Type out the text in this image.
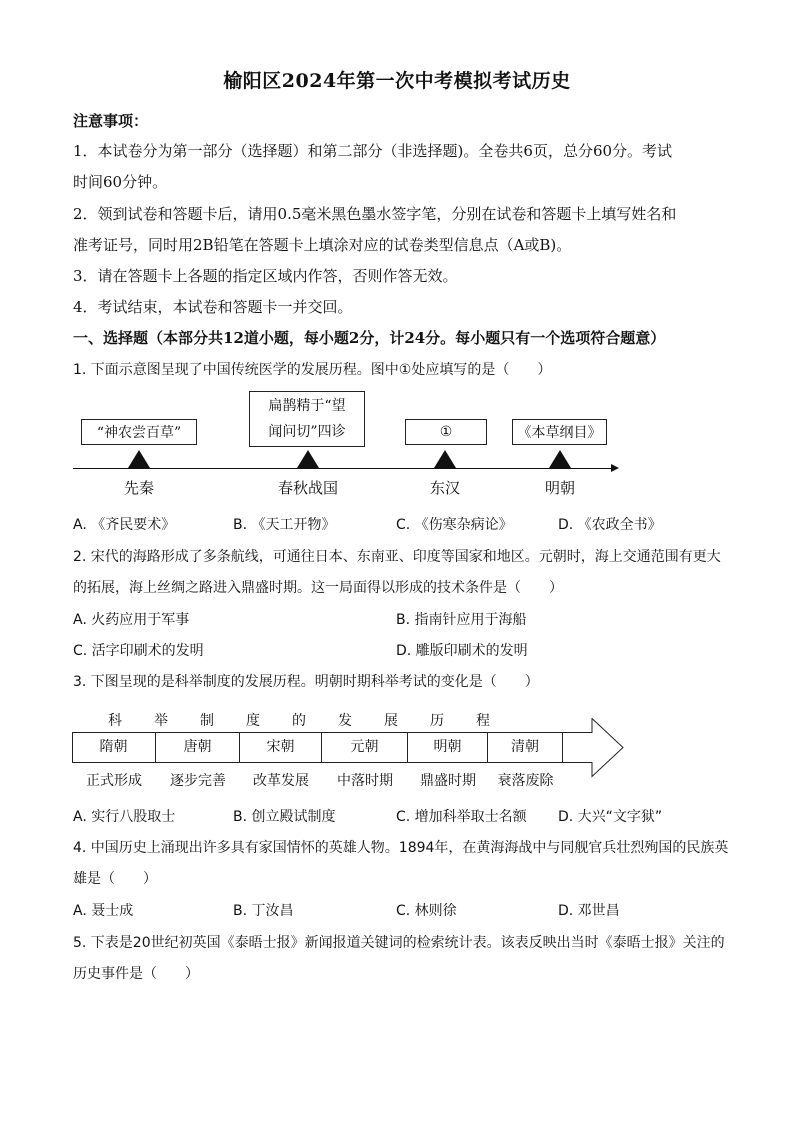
榆阳区2024年第一次中考模拟考试历史
注意事项：
1．本试卷分为第一部分（选择题）和第二部分（非选择题)。全卷共6页，总分60分。考试
时间60分钟。
2．领到试卷和答题卡后，请用0.5毫米黑色墨水签字笔，分别在试卷和答题卡上填写姓名和
准考证号，同时用2B铅笔在答题卡上填涂对应的试卷类型信息点（A或B)。
3．请在答题卡上各题的指定区域内作答，否则作答无效。
4．考试结束，本试卷和答题卡一并交回。
一、选择题（本部分共12道小题，每小题2分，计24分。每小题只有一个选项符合题意）
1. 下面示意图呈现了中国传统医学的发展历程。图中①处应填写的是（　　）
“神农尝百草”
扁鹊精于“望
闻问切”四诊	①	《本草纲目》
先秦	春秋战国	东汉	明朝
A. 《齐民要术》	B. 《天工开物》	C. 《伤寒杂病论》	D. 《农政全书》
2. 宋代的海路形成了多条航线，可通往日本、东南亚、印度等国家和地区。元朝时，海上交通范围有更大
的拓展，海上丝绸之路进入鼎盛时期。这一局面得以形成的技术条件是（　　）
A. 火药应用于军事	B. 指南针应用于海船
C. 活字印刷术的发明	D. 雕版印刷术的发明
3. 下图呈现的是科举制度的发展历程。明朝时期科举考试的变化是（　　）
科 举 制 度 的 发 展 历 程
隋朝	唐朝	宋朝	元朝	明朝	清朝
正式形成	逐步完善	改革发展	中落时期	鼎盛时期	衰落废除
A. 实行八股取士	B. 创立殿试制度	C. 增加科举取士名额 D. 大兴“文字狱”
4. 中国历史上涌现出许多具有家国情怀的英雄人物。1894年，在黄海海战中与同舰官兵壮烈殉国的民族英
雄是（　　）
A. 聂士成	B. 丁汝昌	C. 林则徐	D. 邓世昌
5. 下表是20世纪初英国《泰晤士报》新闻报道关键词的检索统计表。该表反映出当时《泰晤士报》关注的
历史事件是（　　）
